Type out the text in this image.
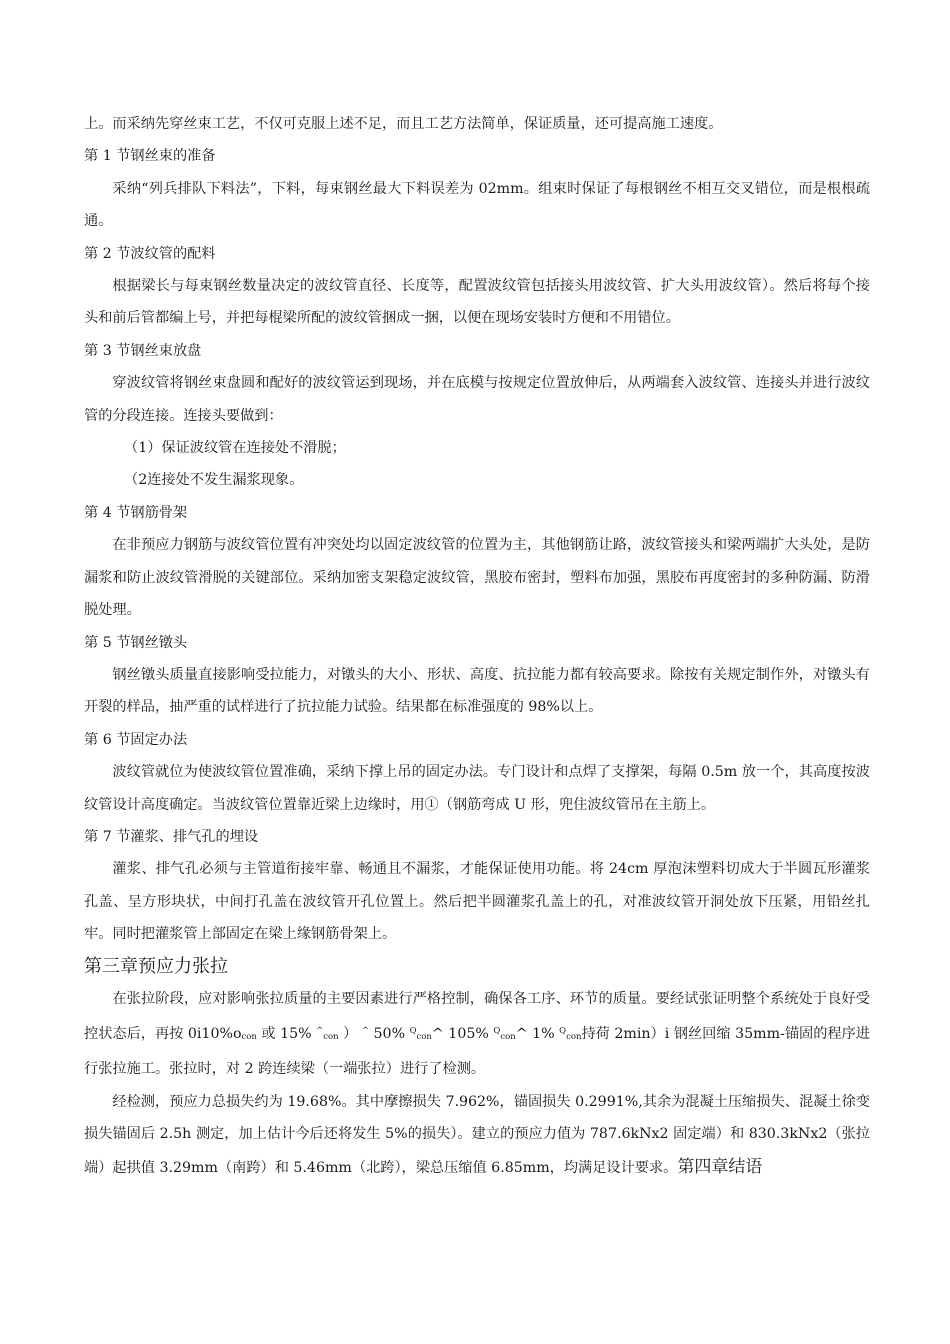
上。而采纳先穿丝束工艺，不仅可克服上述不足，而且工艺方法简单，保证质量，还可提高施工速度。

第 1 节钢丝束的准备

采纳“列兵排队下料法”，下料，每束钢丝最大下料误差为 02mm。组束时保证了每根钢丝不相互交叉错位，而是根根疏通。

第 2 节波纹管的配料

根据梁长与每束钢丝数量决定的波纹管直径、长度等，配置波纹管包括接头用波纹管、扩大头用波纹管）。然后将每个接头和前后管都编上号，并把每棍梁所配的波纹管捆成一捆，以便在现场安装时方便和不用错位。

第 3 节钢丝束放盘

穿波纹管将钢丝束盘圆和配好的波纹管运到现场，并在底模与按规定位置放伸后，从两端套入波纹管、连接头并进行波纹管的分段连接。连接头要做到：

（1）保证波纹管在连接处不滑脱；

（2连接处不发生漏浆现象。

第 4 节钢筋骨架

在非预应力钢筋与波纹管位置有冲突处均以固定波纹管的位置为主，其他钢筋让路，波纹管接头和梁两端扩大头处，是防漏浆和防止波纹管滑脱的关键部位。采纳加密支架稳定波纹管，黑胶布密封，塑料布加强，黑胶布再度密封的多种防漏、防滑脱处理。

第 5 节钢丝镦头

钢丝镦头质量直接影响受拉能力，对镦头的大小、形状、高度、抗拉能力都有较高要求。除按有关规定制作外，对镦头有开裂的样品，抽严重的试样进行了抗拉能力试验。结果都在标准强度的 98%以上。

第 6 节固定办法

波纹管就位为使波纹管位置准确，采纳下撑上吊的固定办法。专门设计和点焊了支撑架，每隔 0.5m 放一个，其高度按波纹管设计高度确定。当波纹管位置靠近梁上边缘时，用①（钢筋弯成 U 形，兜住波纹管吊在主筋上。

第 7 节灌浆、排气孔的埋设

灌浆、排气孔必须与主管道衔接牢靠、畅通且不漏浆，才能保证使用功能。将 24cm 厚泡沫塑料切成大于半圆瓦形灌浆孔盖、呈方形块状，中间打孔盖在波纹管开孔位置上。然后把半圆灌浆孔盖上的孔，对准波纹管开洞处放下压紧，用铅丝扎牢。同时把灌浆管上部固定在梁上缘钢筋骨架上。

第三章预应力张拉

在张拉阶段，应对影响张拉质量的主要因素进行严格控制，确保各工序、环节的质量。要经试张证明整个系统处于良好受控状态后，再按 $0i10\%o_{con}$ 或 15% ^$_{con}$ ） ^ 50% $^Q_{con}$^ 105% $^Q_{con}$^ 1% $^Q_{con}$持荷 2min）i 钢丝回缩 35mm-锚固的程序进行张拉施工。张拉时，对 2 跨连续梁（一端张拉）进行了检测。

经检测，预应力总损失约为 19.68%。其中摩擦损失 7.962%，锚固损失 0.2991%,其余为混凝土压缩损失、混凝土徐变损失锚固后 2.5h 测定，加上估计今后还将发生 5%的损失）。建立的预应力值为 787.6kNx2 固定端）和 830.3kNx2（张拉端）起拱值 3.29mm（南跨）和 5.46mm（北跨），梁总压缩值 6.85mm，均满足设计要求。第四章结语
